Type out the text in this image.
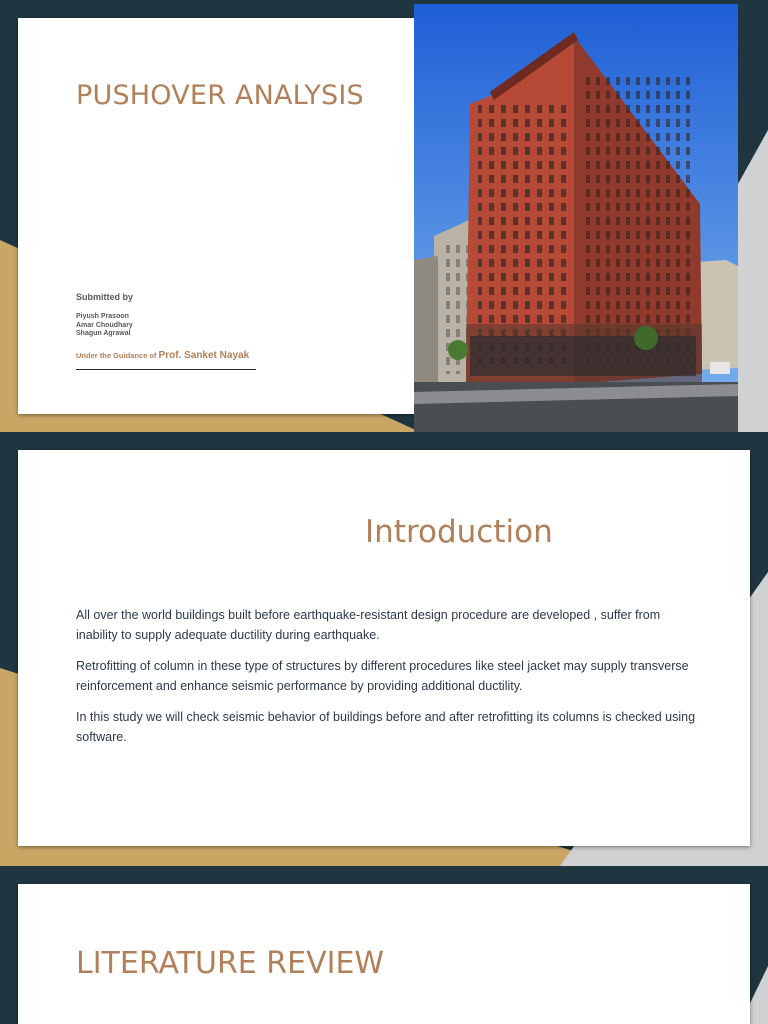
PUSHOVER ANALYSIS
Submitted by
Piyush Prasoon
Amar Choudhary
Shagun Agrawal
Under the Guidance of Prof. Sanket Nayak
Introduction

All over the world buildings built before earthquake-resistant design procedure are developed , suffer from inability to supply adequate ductility during earthquake.

Retrofitting of column in these type of structures by different procedures like steel jacket may supply transverse reinforcement and enhance seismic performance by providing additional ductility.

In this study we will check seismic behavior of buildings before and after retrofitting its columns is checked using software.

LITERATURE REVIEW
